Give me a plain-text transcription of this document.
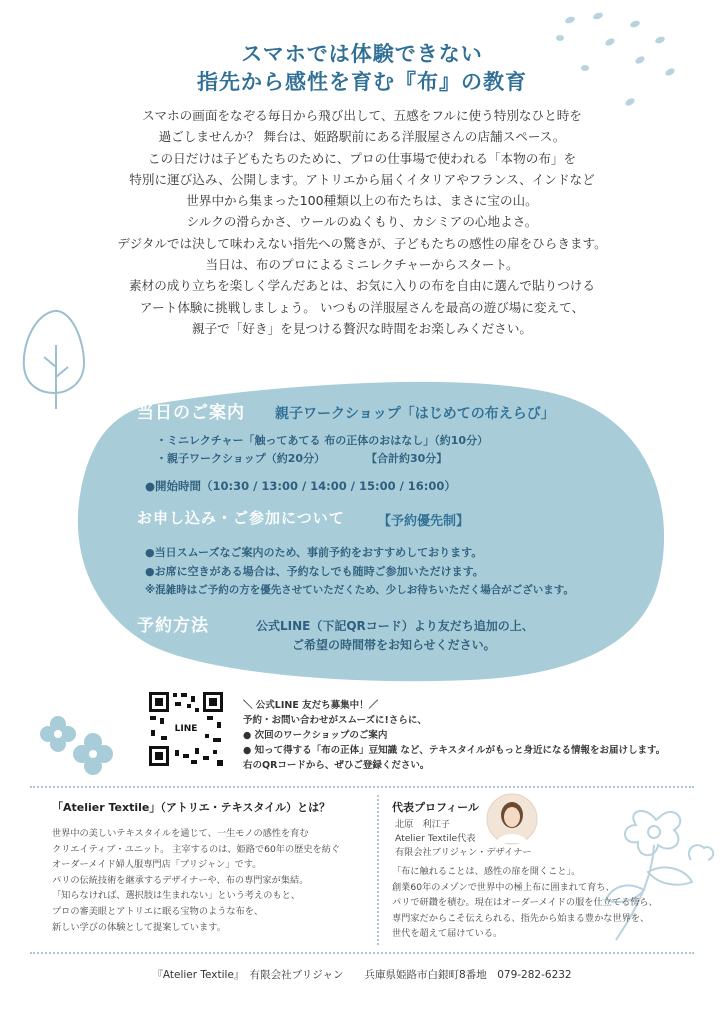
スマホでは体験できない
指先から感性を育む『布』の教育
スマホの画面をなぞる毎日から飛び出して、五感をフルに使う特別なひと時を
過ごしませんか？ 舞台は、姫路駅前にある洋服屋さんの店舗スペース。
この日だけは子どもたちのために、プロの仕事場で使われる「本物の布」を
特別に運び込み、公開します。アトリエから届くイタリアやフランス、インドなど
世界中から集まった100種類以上の布たちは、まさに宝の山。
シルクの滑らかさ、ウールのぬくもり、カシミアの心地よさ。
デジタルでは決して味わえない指先への驚きが、子どもたちの感性の扉をひらきます。
当日は、布のプロによるミニレクチャーからスタート。
素材の成り立ちを楽しく学んだあとは、お気に入りの布を自由に選んで貼りつける
アート体験に挑戦しましょう。 いつもの洋服屋さんを最高の遊び場に変えて、
親子で「好き」を見つける贅沢な時間をお楽しみください。
当日のご案内 親子ワークショップ「はじめての布えらび」
・ミニレクチャー「触ってあてる 布の正体のおはなし」（約10分）
・親子ワークショップ（約20分）	【合計約30分】
●開始時間（10:30 / 13:00 / 14:00 / 15:00 / 16:00）
お申し込み・ご参加について	【予約優先制】
●当日スムーズなご案内のため、事前予約をおすすめしております。
●お席に空きがある場合は、予約なしでも随時ご参加いただけます。
※混雑時はご予約の方を優先させていただくため、少しお待ちいただく場合がございます。
予約方法	公式LINE（下記QRコード）より友だち追加の上、
ご希望の時間帯をお知らせください。
LINE
＼ 公式LINE 友だち募集中！／
予約・お問い合わせがスムーズに!さらに、
● 次回のワークショップのご案内
● 知って得する「布の正体」豆知識 など、テキスタイルがもっと身近になる情報をお届けします。
右のQRコードから、ぜひご登録ください。
「Atelier Textile」（アトリエ・テキスタイル）とは？
世界中の美しいテキスタイルを通じて、一生モノの感性を育む
クリエイティブ・ユニット。 主宰するのは、姫路で60年の歴史を紡ぐ
オーダーメイド婦人服専門店「ブリジャン」です。
パリの伝統技術を継承するデザイナーや、布の専門家が集結。
「知らなければ、選択肢は生まれない」という考えのもと、
プロの審美眼とアトリエに眠る宝物のような布を、
新しい学びの体験として提案しています。
代表プロフィール
北原　利江子
Atelier Textile代表
有限会社ブリジャン・デザイナー
「布に触れることは、感性の扉を開くこと」。
創業60年のメゾンで世界中の極上布に囲まれて育ち、
パリで研鑽を積む。現在はオーダーメイドの服を仕立てる傍ら、
専門家だからこそ伝えられる、指先から始まる豊かな世界を、
世代を超えて届けている。
『Atelier Textile』　有限会社ブリジャン　　兵庫県姫路市白銀町8番地　079-282-6232
